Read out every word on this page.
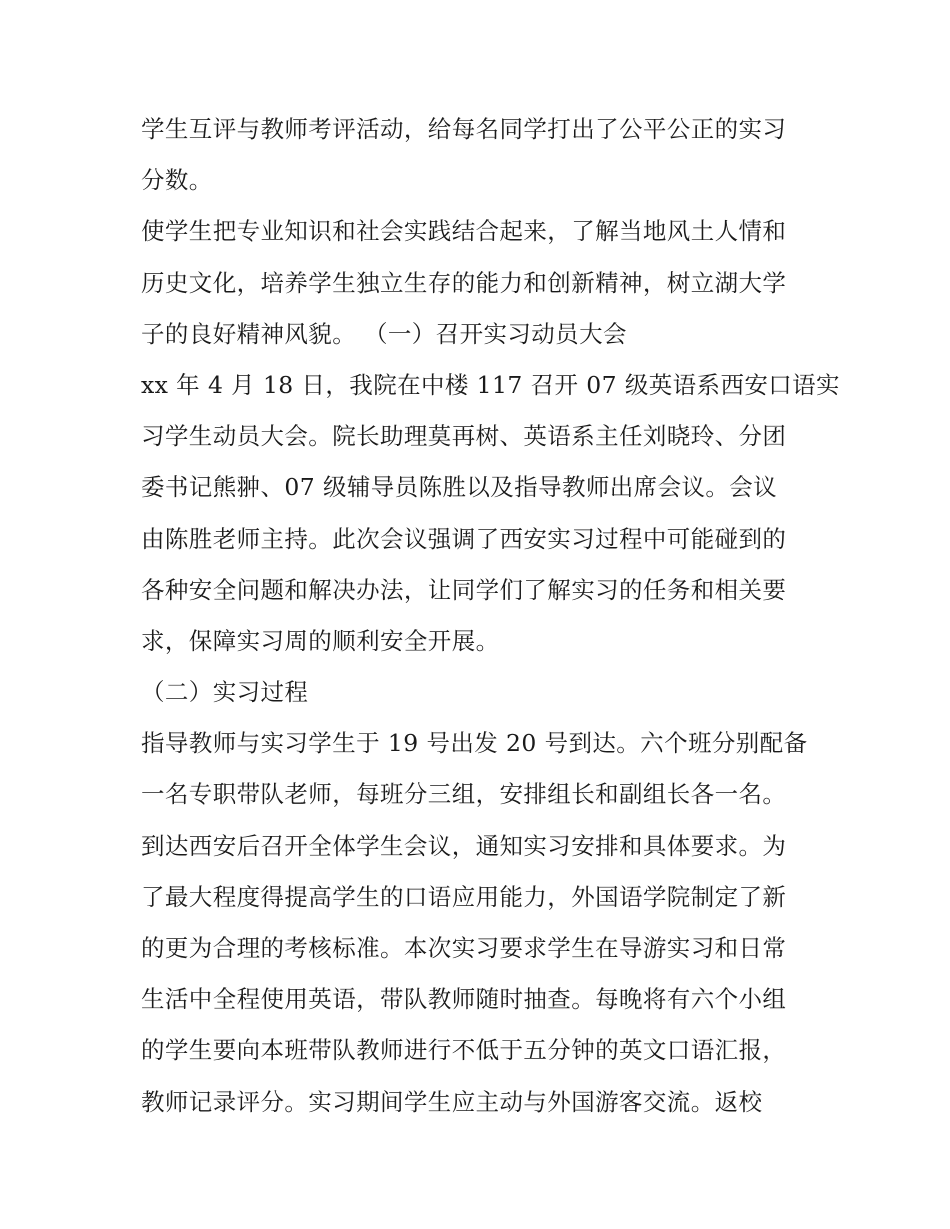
学生互评与教师考评活动，给每名同学打出了公平公正的实习
分数。
使学生把专业知识和社会实践结合起来，了解当地风土人情和
历史文化，培养学生独立生存的能力和创新精神，树立湖大学
子的良好精神风貌。 （一）召开实习动员大会
xx 年 4 月 18 日，我院在中楼 117 召开 07 级英语系西安口语实
习学生动员大会。院长助理莫再树、英语系主任刘晓玲、分团
委书记熊翀、07 级辅导员陈胜以及指导教师出席会议。会议
由陈胜老师主持。此次会议强调了西安实习过程中可能碰到的
各种安全问题和解决办法，让同学们了解实习的任务和相关要
求，保障实习周的顺利安全开展。
（二）实习过程
指导教师与实习学生于 19 号出发 20 号到达。六个班分别配备
一名专职带队老师，每班分三组，安排组长和副组长各一名。
到达西安后召开全体学生会议，通知实习安排和具体要求。为
了最大程度得提高学生的口语应用能力，外国语学院制定了新
的更为合理的考核标准。本次实习要求学生在导游实习和日常
生活中全程使用英语，带队教师随时抽查。每晚将有六个小组
的学生要向本班带队教师进行不低于五分钟的英文口语汇报，
教师记录评分。实习期间学生应主动与外国游客交流。返校
